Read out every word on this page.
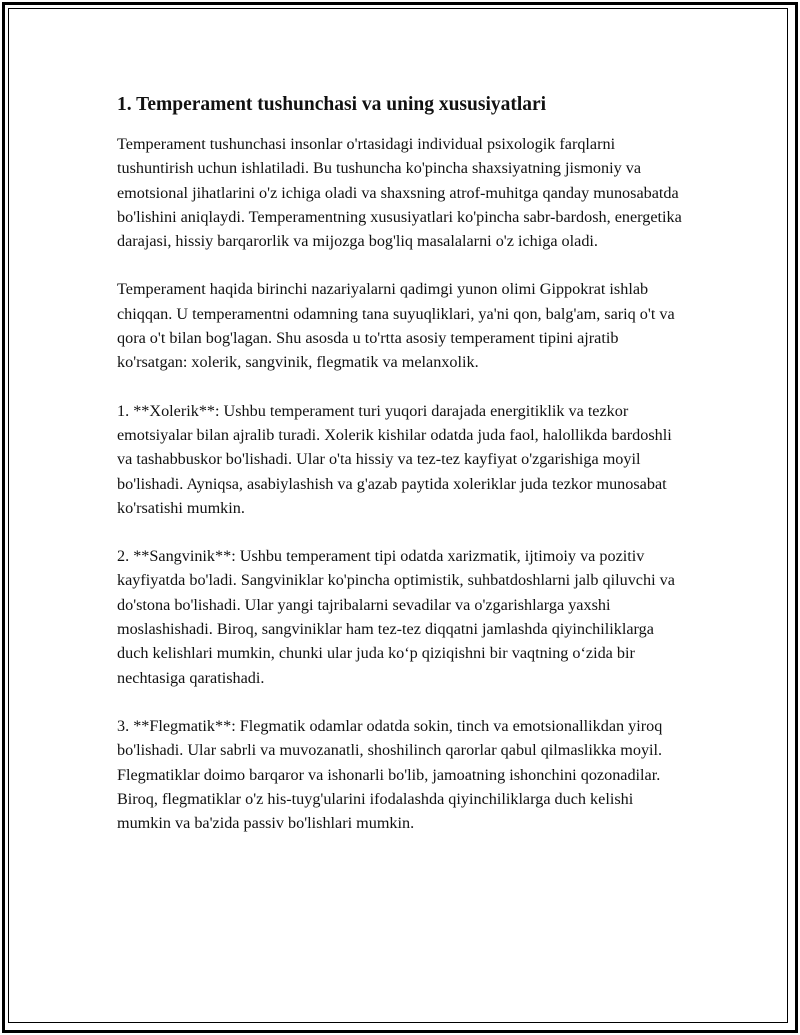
1. Temperament tushunchasi va uning xususiyatlari

Temperament tushunchasi insonlar o'rtasidagi individual psixologik farqlarni tushuntirish uchun ishlatiladi. Bu tushuncha ko'pincha shaxsiyatning jismoniy va emotsional jihatlarini o'z ichiga oladi va shaxsning atrof-muhitga qanday munosabatda bo'lishini aniqlaydi. Temperamentning xususiyatlari ko'pincha sabr-bardosh, energetika darajasi, hissiy barqarorlik va mijozga bog'liq masalalarni o'z ichiga oladi.

Temperament haqida birinchi nazariyalarni qadimgi yunon olimi Gippokrat ishlab chiqqan. U temperamentni odamning tana suyuqliklari, ya'ni qon, balg'am, sariq o't va qora o't bilan bog'lagan. Shu asosda u to'rtta asosiy temperament tipini ajratib ko'rsatgan: xolerik, sangvinik, flegmatik va melanxolik.

1. **Xolerik**: Ushbu temperament turi yuqori darajada energitiklik va tezkor emotsiyalar bilan ajralib turadi. Xolerik kishilar odatda juda faol, halollikda bardoshli va tashabbuskor bo'lishadi. Ular o'ta hissiy va tez-tez kayfiyat o'zgarishiga moyil bo'lishadi. Ayniqsa, asabiylashish va g'azab paytida xoleriklar juda tezkor munosabat ko'rsatishi mumkin.

2. **Sangvinik**: Ushbu temperament tipi odatda xarizmatik, ijtimoiy va pozitiv kayfiyatda bo'ladi. Sangviniklar ko'pincha optimistik, suhbatdoshlarni jalb qiluvchi va do'stona bo'lishadi. Ular yangi tajribalarni sevadilar va o'zgarishlarga yaxshi moslashishadi. Biroq, sangviniklar ham tez-tez diqqatni jamlashda qiyinchiliklarga duch kelishlari mumkin, chunki ular juda ko‘p qiziqishni bir vaqtning o‘zida bir nechtasiga qaratishadi.

3. **Flegmatik**: Flegmatik odamlar odatda sokin, tinch va emotsionallikdan yiroq bo'lishadi. Ular sabrli va muvozanatli, shoshilinch qarorlar qabul qilmaslikka moyil. Flegmatiklar doimo barqaror va ishonarli bo'lib, jamoatning ishonchini qozonadilar. Biroq, flegmatiklar o'z his-tuyg'ularini ifodalashda qiyinchiliklarga duch kelishi mumkin va ba'zida passiv bo'lishlari mumkin.
